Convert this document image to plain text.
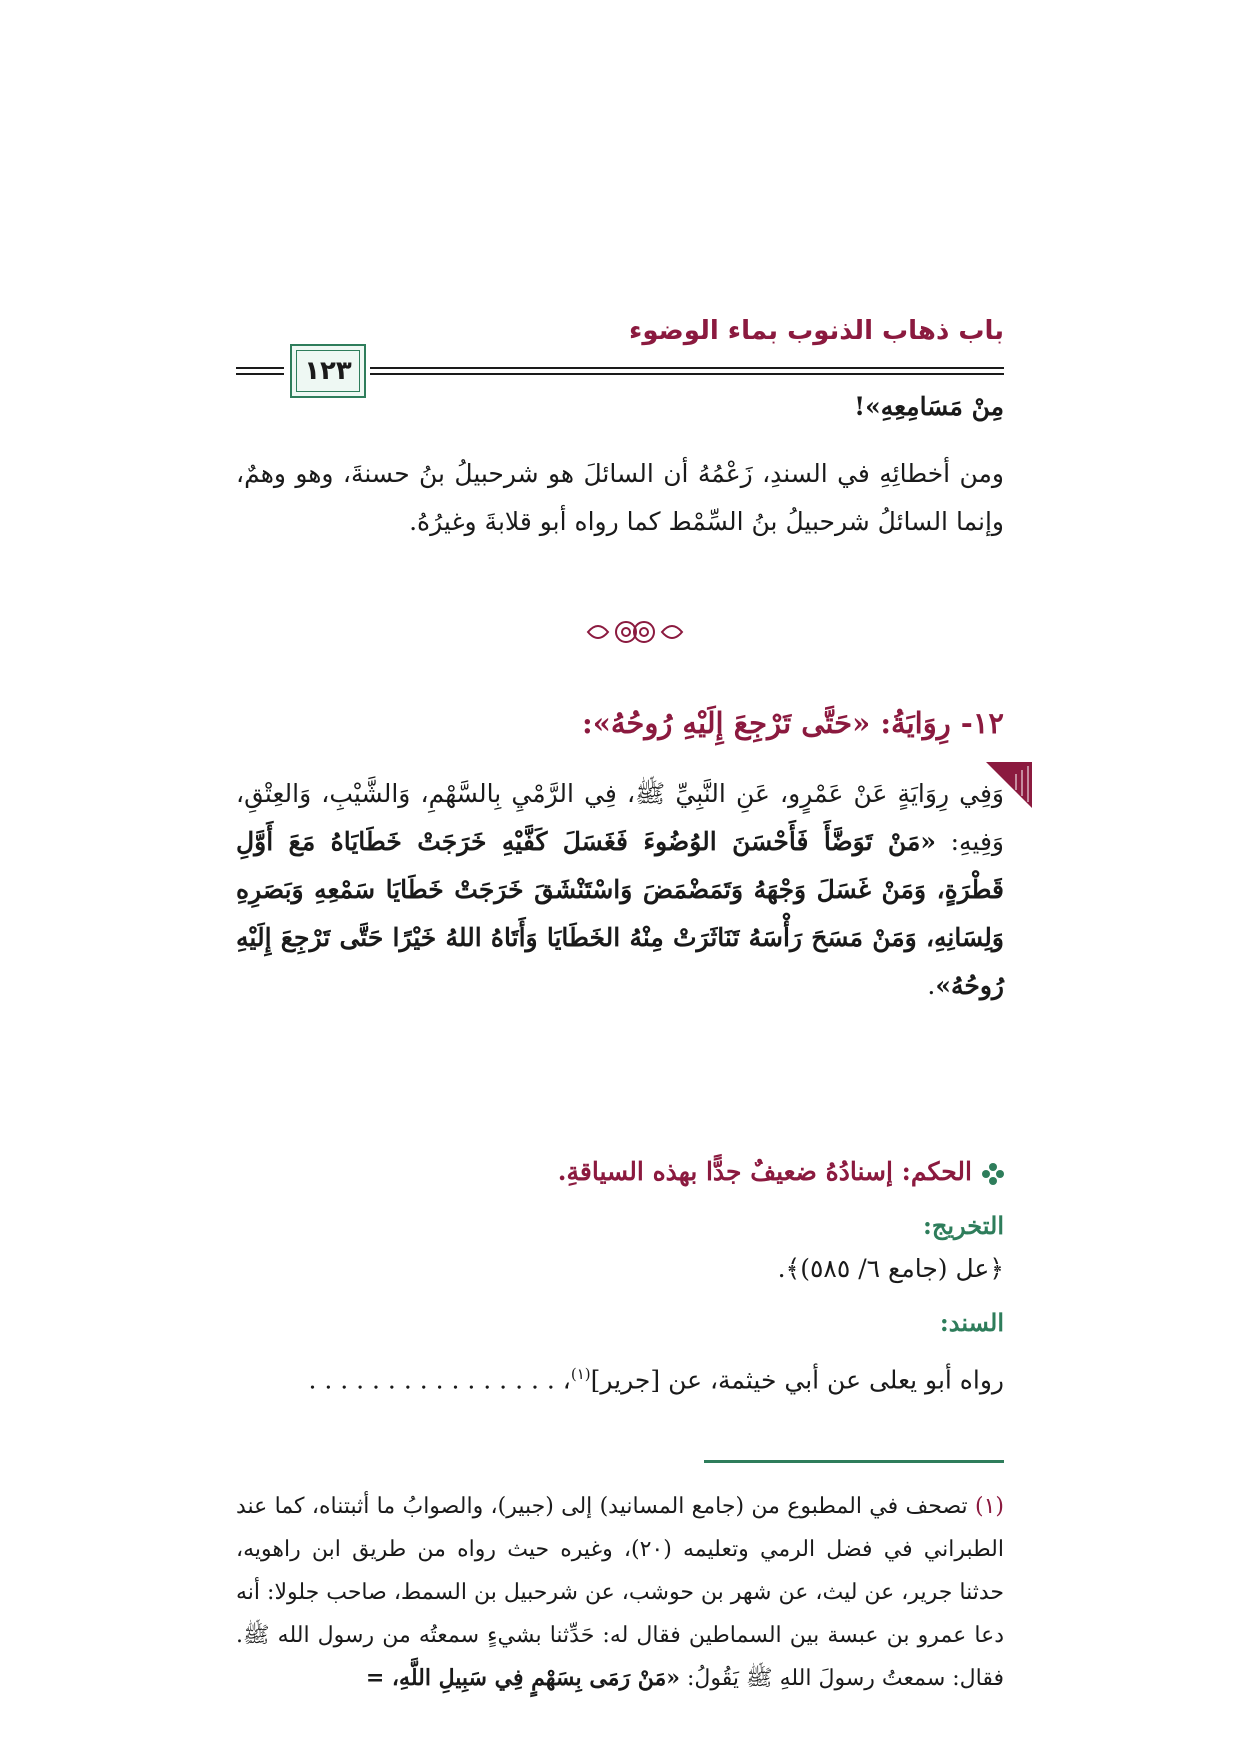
باب ذهاب الذنوب بماء الوضوء
١٢٣
مِنْ مَسَامِعِهِ»!
ومن أخطائِهِ في السندِ، زَعْمُهُ أن السائلَ هو شرحبيلُ بنُ حسنةَ، وهو وهمٌ، وإنما السائلُ شرحبيلُ بنُ السِّمْط كما رواه أبو قلابةَ وغيرُهُ.
١٢- رِوَايَةُ: «حَتَّى تَرْجِعَ إِلَيْهِ رُوحُهُ»:
وَفِي رِوَايَةٍ عَنْ عَمْرٍو، عَنِ النَّبِيِّ ﷺ، فِي الرَّمْيِ بِالسَّهْمِ، وَالشَّيْبِ، وَالعِتْقِ، وَفِيهِ: «مَنْ تَوَضَّأَ فَأَحْسَنَ الوُضُوءَ فَغَسَلَ كَفَّيْهِ خَرَجَتْ خَطَايَاهُ مَعَ أَوَّلِ قَطْرَةٍ، وَمَنْ غَسَلَ وَجْهَهُ وَتَمَضْمَضَ وَاسْتَنْشَقَ خَرَجَتْ خَطَايَا سَمْعِهِ وَبَصَرِهِ وَلِسَانِهِ، وَمَنْ مَسَحَ رَأْسَهُ تَنَاثَرَتْ مِنْهُ الخَطَايَا وَأَتَاهُ اللهُ خَيْرًا حَتَّى تَرْجِعَ إِلَيْهِ رُوحُهُ».
الحكم: إسنادُهُ ضعيفٌ جدًّا بهذه السياقةِ.
التخريج:
﴿عل (جامع ٦/ ٥٨٥)﴾.
السند:
رواه أبو يعلى عن أبي خيثمة، عن [جرير]$^{(١)}$، . . . . . . . . . . . . . . . .
(١) تصحف في المطبوع من (جامع المسانيد) إلى (جبير)، والصوابُ ما أثبتناه، كما عند الطبراني في فضل الرمي وتعليمه (٢٠)، وغيره حيث رواه من طريق ابن راهويه، حدثنا جرير، عن ليث، عن شهر بن حوشب، عن شرحبيل بن السمط، صاحب جلولا: أنه دعا عمرو بن عبسة بين السماطين فقال له: حَدِّثنا بشيءٍ سمعتُه من رسول الله ﷺ. فقال: سمعتُ رسولَ اللهِ ﷺ يَقُولُ: «مَنْ رَمَى بِسَهْمٍ فِي سَبِيلِ اللَّهِ، =
